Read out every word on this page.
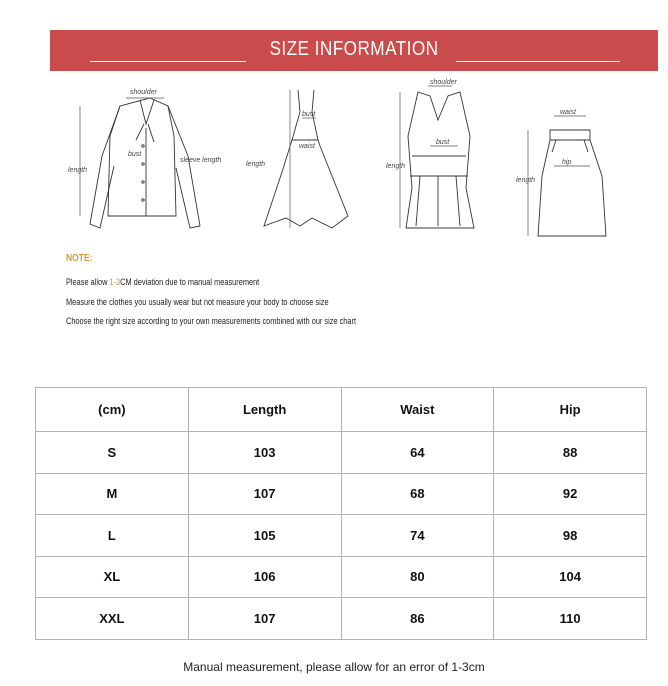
SIZE INFORMATION
shoulder
bust
sleeve length
length
bust
waist
length
shoulder
bust
length
waist
hip
length
NOTE:
Please allow 1-3CM deviation due to manual measurement
Measure the clothes you usually wear but not measure your body to choose size
Choose the right size according to your own measurements combined with our size chart
(cm)	Length	Waist	Hip
S	103	64	88
M	107	68	92
L	105	74	98
XL	106	80	104
XXL	107	86	110
Manual measurement, please allow for an error of 1-3cm
